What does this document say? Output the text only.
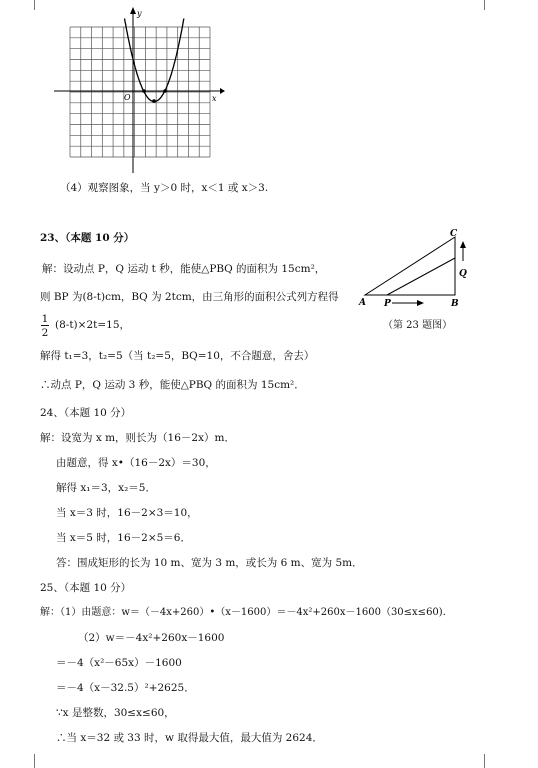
y
x
O
（4）观察图象，当 y＞0 时，x＜1 或 x＞3.
23、（本题 10 分）
解：设动点 P，Q 运动 t 秒，能使△PBQ 的面积为 15cm²，
则 BP 为(8-t)cm，BQ 为 2tcm，由三角形的面积公式列方程得
1
2
(8-t)×2t=15，
解得 t₁=3，t₂=5（当 t₂=5，BQ=10，不合题意，舍去）
∴动点 P，Q 运动 3 秒，能使△PBQ 的面积为 15cm²．
A P	B
Q
C
（第 23 题图）
24、（本题 10 分）
解：设宽为 x m，则长为（16－2x）m．
由题意，得 x•（16－2x）＝30，
解得 x₁＝3，x₂＝5．
当 x＝3 时，16－2×3＝10，
当 x＝5 时，16－2×5＝6．
答：围成矩形的长为 10 m、宽为 3 m，或长为 6 m、宽为 5m．
25、（本题 10 分）
解：（1）由题意：w＝（－4x+260）•（x－1600）＝－4x²+260x－1600（30≤x≤60)．
（2）w＝－4x²+260x－1600
＝－4（x²－65x）－1600
＝－4（x－32.5）²+2625．
∵x 是整数，30≤x≤60，
∴当 x＝32 或 33 时，w 取得最大值，最大值为 2624．
